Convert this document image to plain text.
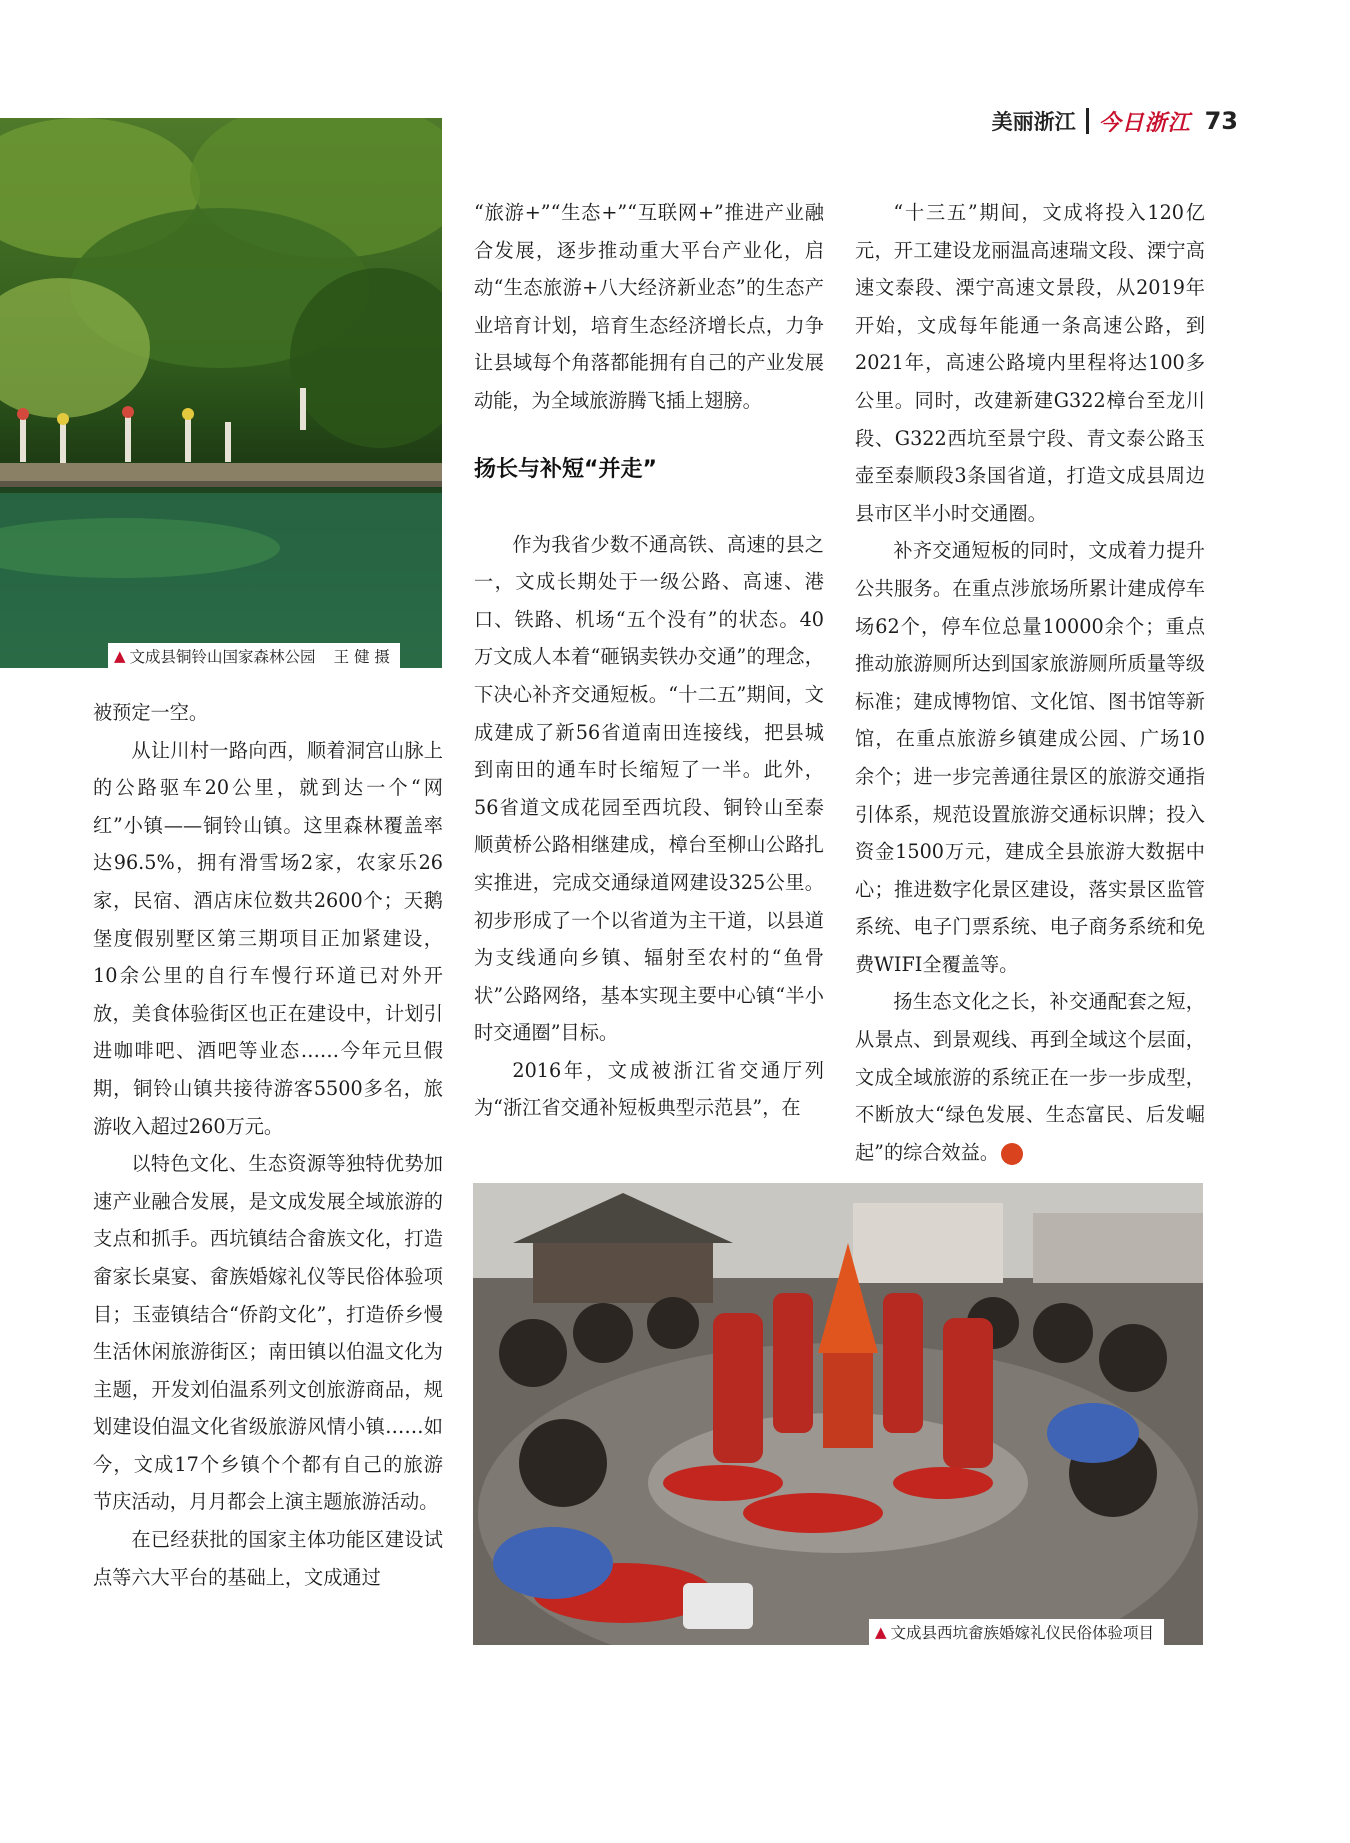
美丽浙江 今日浙江 73
▲ 文成县铜铃山国家森林公园 王 健 摄

被预定一空。

从让川村一路向西，顺着洞宫山脉上的公路驱车20公里，就到达一个“网红”小镇——铜铃山镇。这里森林覆盖率达96.5%，拥有滑雪场2家，农家乐26家，民宿、酒店床位数共2600个；天鹅堡度假别墅区第三期项目正加紧建设，10余公里的自行车慢行环道已对外开放，美食体验街区也正在建设中，计划引进咖啡吧、酒吧等业态……今年元旦假期，铜铃山镇共接待游客5500多名，旅游收入超过260万元。

以特色文化、生态资源等独特优势加速产业融合发展，是文成发展全域旅游的支点和抓手。西坑镇结合畲族文化，打造畲家长桌宴、畲族婚嫁礼仪等民俗体验项目；玉壶镇结合“侨韵文化”，打造侨乡慢生活休闲旅游街区；南田镇以伯温文化为主题，开发刘伯温系列文创旅游商品，规划建设伯温文化省级旅游风情小镇……如今，文成17个乡镇个个都有自己的旅游节庆活动，月月都会上演主题旅游活动。

在已经获批的国家主体功能区建设试点等六大平台的基础上，文成通过

“旅游+”“生态+”“互联网+”推进产业融合发展，逐步推动重大平台产业化，启动“生态旅游+八大经济新业态”的生态产业培育计划，培育生态经济增长点，力争让县域每个角落都能拥有自己的产业发展动能，为全域旅游腾飞插上翅膀。

扬长与补短“并走”

作为我省少数不通高铁、高速的县之一，文成长期处于一级公路、高速、港口、铁路、机场“五个没有”的状态。40万文成人本着“砸锅卖铁办交通”的理念，下决心补齐交通短板。“十二五”期间，文成建成了新56省道南田连接线，把县城到南田的通车时长缩短了一半。此外，56省道文成花园至西坑段、铜铃山至泰顺黄桥公路相继建成，樟台至柳山公路扎实推进，完成交通绿道网建设325公里。初步形成了一个以省道为主干道，以县道为支线通向乡镇、辐射至农村的“鱼骨状”公路网络，基本实现主要中心镇“半小时交通圈”目标。

2016年，文成被浙江省交通厅列为“浙江省交通补短板典型示范县”，在

“十三五”期间，文成将投入120亿元，开工建设龙丽温高速瑞文段、溧宁高速文泰段、溧宁高速文景段，从2019年开始，文成每年能通一条高速公路，到2021年，高速公路境内里程将达100多公里。同时，改建新建G322樟台至龙川段、G322西坑至景宁段、青文泰公路玉壶至泰顺段3条国省道，打造文成县周边县市区半小时交通圈。

补齐交通短板的同时，文成着力提升公共服务。在重点涉旅场所累计建成停车场62个，停车位总量10000余个；重点推动旅游厕所达到国家旅游厕所质量等级标准；建成博物馆、文化馆、图书馆等新馆，在重点旅游乡镇建成公园、广场10余个；进一步完善通往景区的旅游交通指引体系，规范设置旅游交通标识牌；投入资金1500万元，建成全县旅游大数据中心；推进数字化景区建设，落实景区监管系统、电子门票系统、电子商务系统和免费WIFI全覆盖等。

扬生态文化之长，补交通配套之短，从景点、到景观线、再到全域这个层面，文成全域旅游的系统正在一步一步成型，不断放大“绿色发展、生态富民、后发崛起”的综合效益。

▲ 文成县西坑畲族婚嫁礼仪民俗体验项目
